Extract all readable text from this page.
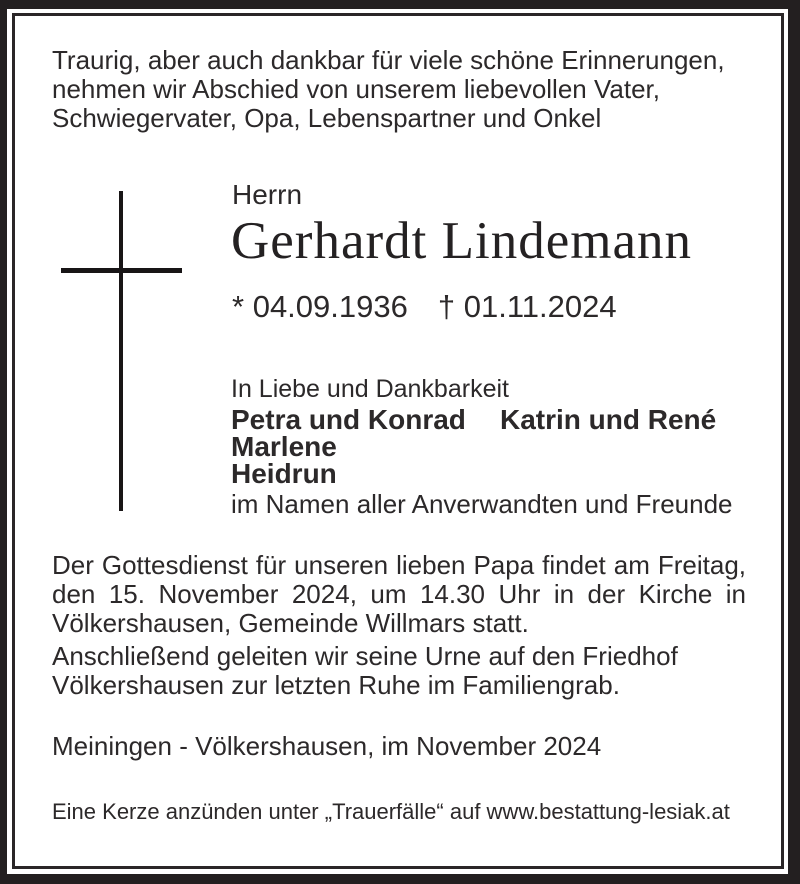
Traurig, aber auch dankbar für viele schöne Erinnerungen,
nehmen wir Abschied von unserem liebevollen Vater,
Schwiegervater, Opa, Lebenspartner und Onkel
Herrn
Gerhardt Lindemann
* 04.09.1936 † 01.11.2024
In Liebe und Dankbarkeit
Petra und Konrad Katrin und René
Marlene
Heidrun
im Namen aller Anverwandten und Freunde
Der Gottesdienst für unseren lieben Papa findet am Freitag,
den 15. November 2024, um 14.30 Uhr in der Kirche in
Völkershausen, Gemeinde Willmars statt.
Anschließend geleiten wir seine Urne auf den Friedhof
Völkershausen zur letzten Ruhe im Familiengrab.
Meiningen - Völkershausen, im November 2024
Eine Kerze anzünden unter „Trauerfälle“ auf www.bestattung-lesiak.at
